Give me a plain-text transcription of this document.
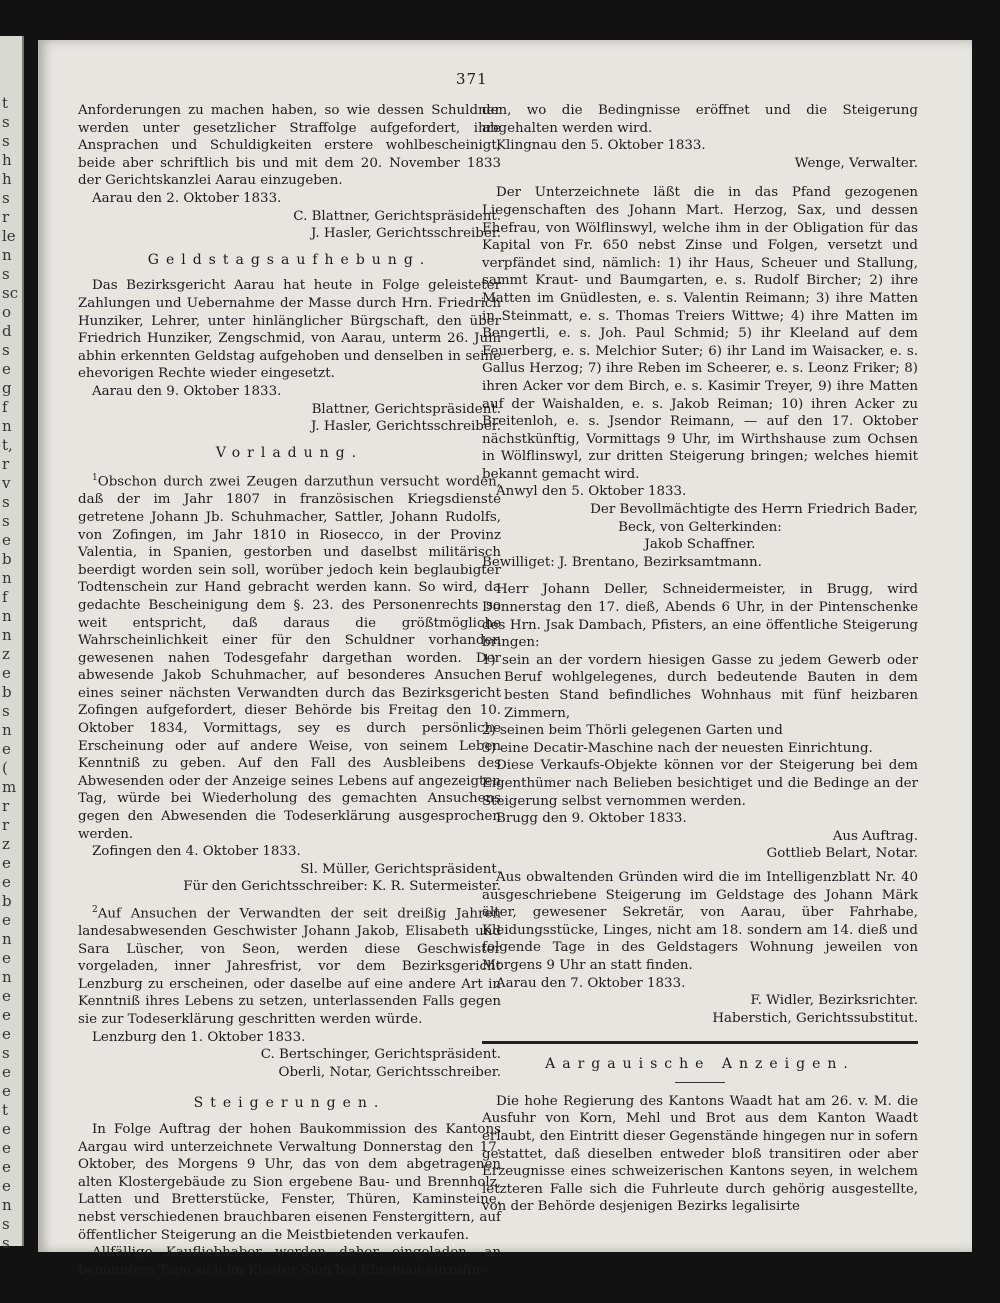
t
s
s
h
h
s
r
le
n
s
sc
o
d
s
e
g
f
n
t,
r
v
s
s
e
b
n
f
n
n
z
e
b
s
n
e
(
m
r
r
z
e
e
b
e
n
e
n
e
e
e
s
e
e
t
e
e
e
e
n
s
s
371

Anforderungen zu machen haben, so wie dessen Schuldner werden unter gesetzlicher Straffolge aufgefordert, ihre Ansprachen und Schuldigkeiten erstere wohlbescheinigt, beide aber schriftlich bis und mit dem 20. November 1833 der Gerichtskanzlei Aarau einzugeben.

Aarau den 2. Oktober 1833.

C. Blattner, Gerichtspräsident.

J. Hasler, Gerichtsschreiber.

Geldstagsaufhebung.

Das Bezirksgericht Aarau hat heute in Folge geleisteter Zahlungen und Uebernahme der Masse durch Hrn. Friedrich Hunziker, Lehrer, unter hinlänglicher Bürgschaft, den über Friedrich Hunziker, Zengschmid, von Aarau, unterm 26. Juni abhin erkennten Geldstag aufgehoben und denselben in seine ehevorigen Rechte wieder eingesetzt.

Aarau den 9. Oktober 1833.

Blattner, Gerichtspräsident.

J. Hasler, Gerichtsschreiber.

Vorladung.

$^1$Obschon durch zwei Zeugen darzuthun versucht worden, daß der im Jahr 1807 in französischen Kriegsdienste getretene Johann Jb. Schuhmacher, Sattler, Johann Rudolfs, von Zofingen, im Jahr 1810 in Riosecco, in der Provinz Valentia, in Spanien, gestorben und daselbst militärisch beerdigt worden sein soll, worüber jedoch kein beglaubigter Todtenschein zur Hand gebracht werden kann. So wird, da gedachte Bescheinigung dem §. 23. des Personenrechts so weit entspricht, daß daraus die größtmögliche Wahrscheinlichkeit einer für den Schuldner vorhanden gewesenen nahen Todesgefahr dargethan worden. Der abwesende Jakob Schuhmacher, auf besonderes Ansuchen eines seiner nächsten Verwandten durch das Bezirksgericht Zofingen aufgefordert, dieser Behörde bis Freitag den 10. Oktober 1834, Vormittags, sey es durch persönliche Erscheinung oder auf andere Weise, von seinem Leben Kenntniß zu geben. Auf den Fall des Ausbleibens des Abwesenden oder der Anzeige seines Lebens auf angezeigten Tag, würde bei Wiederholung des gemachten Ansuchens gegen den Abwesenden die Todeserklärung ausgesprochen werden.

Zofingen den 4. Oktober 1833.

Sl. Müller, Gerichtspräsident.

Für den Gerichtsschreiber: K. R. Sutermeister.

$^2$Auf Ansuchen der Verwandten der seit dreißig Jahren landesabwesenden Geschwister Johann Jakob, Elisabeth und Sara Lüscher, von Seon, werden diese Geschwister vorgeladen, inner Jahresfrist, vor dem Bezirksgericht Lenzburg zu erscheinen, oder daselbe auf eine andere Art in Kenntniß ihres Lebens zu setzen, unterlassenden Falls gegen sie zur Todeserklärung geschritten werden würde.

Lenzburg den 1. Oktober 1833.

C. Bertschinger, Gerichtspräsident.

Oberli, Notar, Gerichtsschreiber.

Steigerungen.

In Folge Auftrag der hohen Baukommission des Kantons Aargau wird unterzeichnete Verwaltung Donnerstag den 17. Oktober, des Morgens 9 Uhr, das von dem abgetragenen alten Klostergebäude zu Sion ergebene Bau- und Brennholz, Latten und Bretterstücke, Fenster, Thüren, Kaminsteine, nebst verschiedenen brauchbaren eisenen Fenstergittern, auf öffentlicher Steigerung an die Meistbietenden verkaufen.

Allfällige Kaufliebhaber werden daher eingeladen, an benanntem Tage sich im Kloster Sion bei Klingnau einzufin-

den, wo die Bedingnisse eröffnet und die Steigerung abgehalten werden wird.

Klingnau den 5. Oktober 1833.

Wenge, Verwalter.

Der Unterzeichnete läßt die in das Pfand gezogenen Liegenschaften des Johann Mart. Herzog, Sax, und dessen Ehefrau, von Wölflinswyl, welche ihm in der Obligation für das Kapital von Fr. 650 nebst Zinse und Folgen, versetzt und verpfändet sind, nämlich: 1) ihr Haus, Scheuer und Stallung, sammt Kraut- und Baumgarten, e. s. Rudolf Bircher; 2) ihre Matten im Gnüdlesten, e. s. Valentin Reimann; 3) ihre Matten in Steinmatt, e. s. Thomas Treiers Wittwe; 4) ihre Matten im Bengertli, e. s. Joh. Paul Schmid; 5) ihr Kleeland auf dem Feuerberg, e. s. Melchior Suter; 6) ihr Land im Waisacker, e. s. Gallus Herzog; 7) ihre Reben im Scheerer, e. s. Leonz Friker; 8) ihren Acker vor dem Birch, e. s. Kasimir Treyer, 9) ihre Matten auf der Waishalden, e. s. Jakob Reiman; 10) ihren Acker zu Breitenloh, e. s. Jsendor Reimann, — auf den 17. Oktober nächstkünftig, Vormittags 9 Uhr, im Wirthshause zum Ochsen in Wölflinswyl, zur dritten Steigerung bringen; welches hiemit bekannt gemacht wird.

Anwyl den 5. Oktober 1833.

Der Bevollmächtigte des Herrn Friedrich Bader,

Beck, von Gelterkinden:

Jakob Schaffner.

Bewilliget: J. Brentano, Bezirksamtmann.

Herr Johann Deller, Schneidermeister, in Brugg, wird Donnerstag den 17. dieß, Abends 6 Uhr, in der Pintenschenke des Hrn. Jsak Dambach, Pfisters, an eine öffentliche Steigerung bringen:

1) sein an der vordern hiesigen Gasse zu jedem Gewerb oder Beruf wohlgelegenes, durch bedeutende Bauten in dem besten Stand befindliches Wohnhaus mit fünf heizbaren Zimmern,

2) seinen beim Thörli gelegenen Garten und

3) eine Decatir-Maschine nach der neuesten Einrichtung.

Diese Verkaufs-Objekte können vor der Steigerung bei dem Eigenthümer nach Belieben besichtiget und die Bedinge an der Steigerung selbst vernommen werden.

Brugg den 9. Oktober 1833.

Aus Auftrag.

Gottlieb Belart, Notar.

Aus obwaltenden Gründen wird die im Intelligenzblatt Nr. 40 ausgeschriebene Steigerung im Geldstage des Johann Märk älter, gewesener Sekretär, von Aarau, über Fahrhabe, Kleidungsstücke, Linges, nicht am 18. sondern am 14. dieß und folgende Tage in des Geldstagers Wohnung jeweilen von Morgens 9 Uhr an statt finden.

Aarau den 7. Oktober 1833.

F. Widler, Bezirksrichter.

Haberstich, Gerichtssubstitut.

Aargauische Anzeigen.

Die hohe Regierung des Kantons Waadt hat am 26. v. M. die Ausfuhr von Korn, Mehl und Brot aus dem Kanton Waadt erlaubt, den Eintritt dieser Gegenstände hingegen nur in sofern gestattet, daß dieselben entweder bloß transitiren oder aber Erzeugnisse eines schweizerischen Kantons seyen, in welchem letzteren Falle sich die Fuhrleute durch gehörig ausgestellte, von der Behörde desjenigen Bezirks legalisirte
